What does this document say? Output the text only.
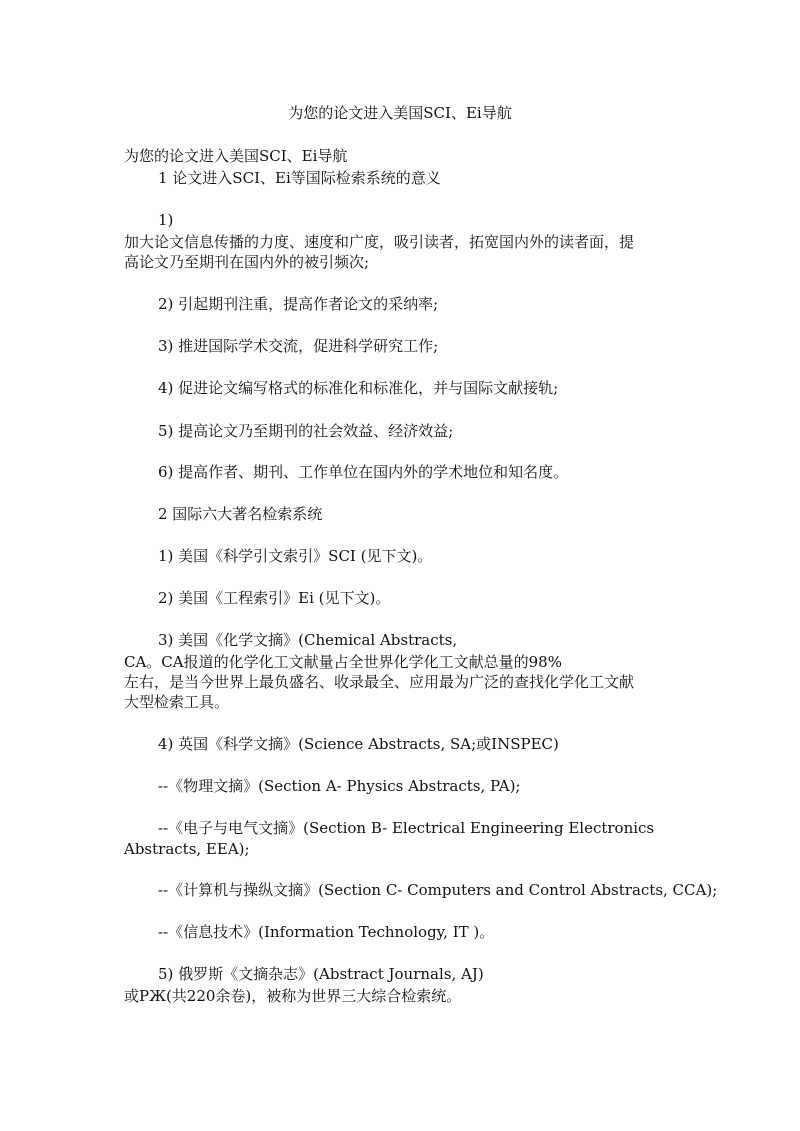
为您的论文进入美国SCI、Ei导航
为您的论文进入美国SCI、Ei导航
1 论文进入SCI、Ei等国际检索系统的意义
1)
加大论文信息传播的力度、速度和广度，吸引读者，拓宽国内外的读者面，提
高论文乃至期刊在国内外的被引频次;
2) 引起期刊注重，提高作者论文的采纳率;
3) 推进国际学术交流，促进科学研究工作;
4) 促进论文编写格式的标准化和标准化，并与国际文献接轨;
5) 提高论文乃至期刊的社会效益、经济效益;
6) 提高作者、期刊、工作单位在国内外的学术地位和知名度。
2 国际六大著名检索系统
1) 美国《科学引文索引》SCI (见下文)。
2) 美国《工程索引》Ei (见下文)。
3) 美国《化学文摘》(Chemical Abstracts,
CA。CA报道的化学化工文献量占全世界化学化工文献总量的98%
左右，是当今世界上最负盛名、收录最全、应用最为广泛的查找化学化工文献
大型检索工具。
4) 英国《科学文摘》(Science Abstracts, SA;或INSPEC)
--《物理文摘》(Section A- Physics Abstracts, PA);
--《电子与电气文摘》(Section B- Electrical Engineering Electronics
Abstracts, EEA);
--《计算机与操纵文摘》(Section C- Computers and Control Abstracts, CCA);
--《信息技术》(Information Technology, IT )。
5) 俄罗斯《文摘杂志》(Abstract Journals, AJ)
或PЖ(共220余卷)，被称为世界三大综合检索统。
